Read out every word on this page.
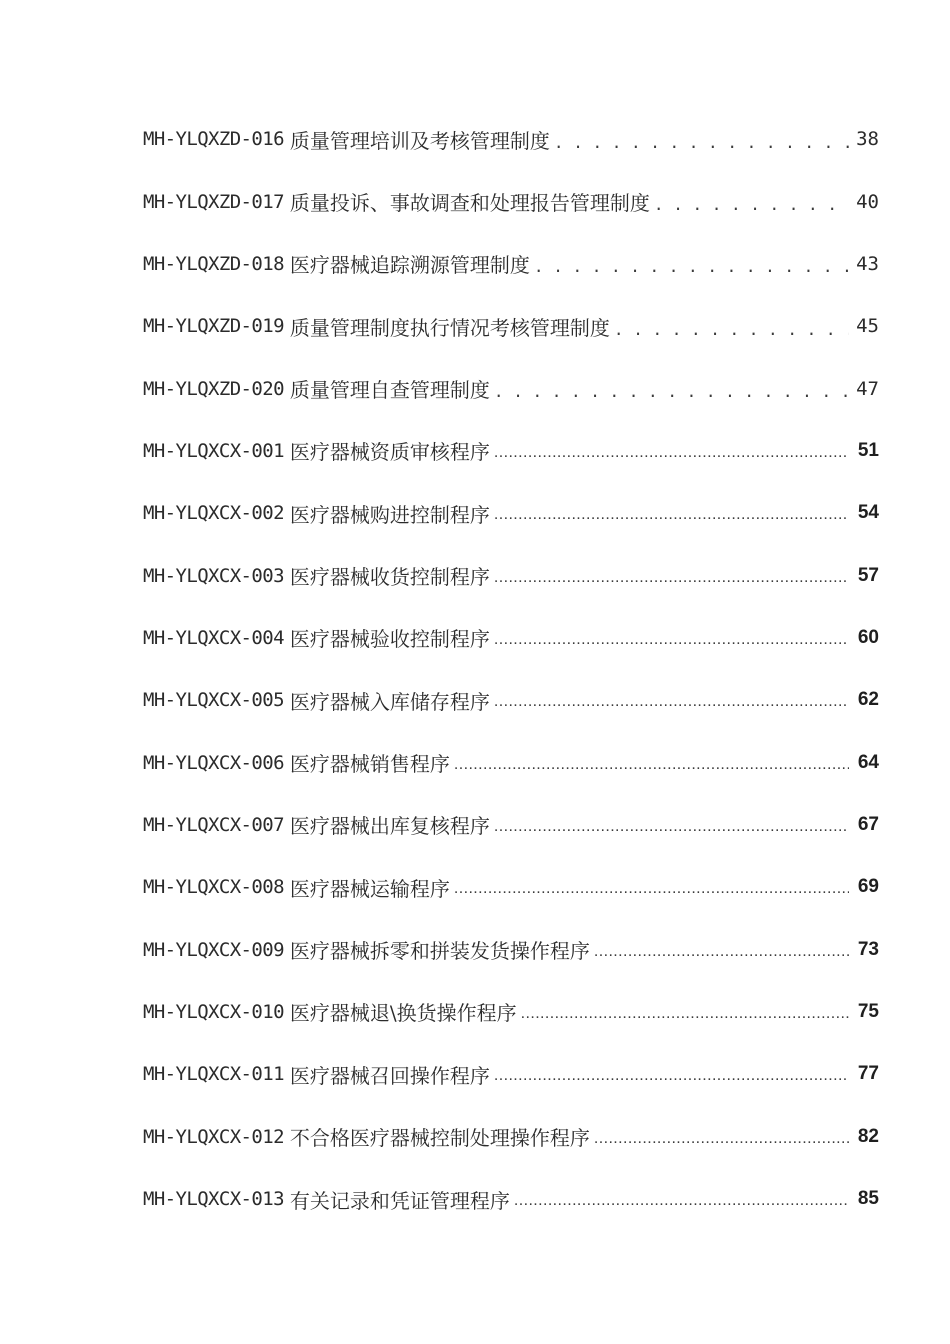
MH-YLQXZD-016 质量管理培训及考核管理制度 . . .	38
MH-YLQXZD-017 质量投诉、事故调查和处理报告管理制度 . . .	40
MH-YLQXZD-018 医疗器械追踪溯源管理制度 . . .	43
MH-YLQXZD-019 质量管理制度执行情况考核管理制度 . . .	45
MH-YLQXZD-020 质量管理自查管理制度 . . .	47
MH-YLQXCX-001 医疗器械资质审核程序 .....	51
MH-YLQXCX-002 医疗器械购进控制程序 .....	54
MH-YLQXCX-003 医疗器械收货控制程序 .....	57
MH-YLQXCX-004 医疗器械验收控制程序 .....	60
MH-YLQXCX-005 医疗器械入库储存程序 .....	62
MH-YLQXCX-006 医疗器械销售程序 .....	64
MH-YLQXCX-007 医疗器械出库复核程序 .....	67
MH-YLQXCX-008 医疗器械运输程序 .....	69
MH-YLQXCX-009 医疗器械拆零和拼装发货操作程序 .....	73
MH-YLQXCX-010 医疗器械退\换货操作程序 .....	75
MH-YLQXCX-011 医疗器械召回操作程序 .....	77
MH-YLQXCX-012 不合格医疗器械控制处理操作程序 .....	82
MH-YLQXCX-013 有关记录和凭证管理程序 .....	85
